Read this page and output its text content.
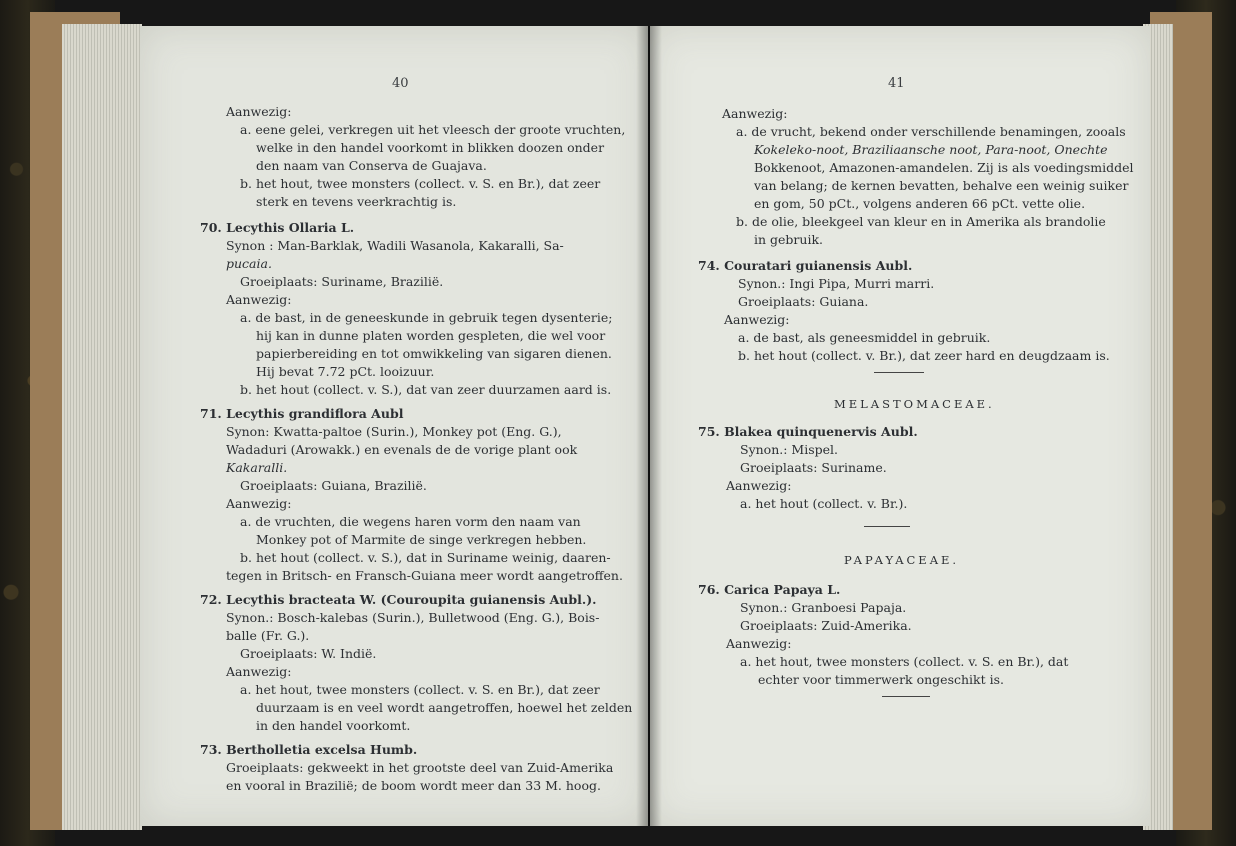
40
Aanwezig:
a. eene gelei, verkregen uit het vleesch der groote vruchten,
welke in den handel voorkomt in blikken doozen onder
den naam van Conserva de Guajava.
b. het hout, twee monsters (collect. v. S. en Br.), dat zeer
sterk en tevens veerkrachtig is.
70. Lecythis Ollaria L.
Synon : Man-Barklak, Wadili Wasanola, Kakaralli, Sa-
pucaia.
Groeiplaats: Suriname, Brazilië.
Aanwezig:
a. de bast, in de geneeskunde in gebruik tegen dysenterie;
hij kan in dunne platen worden gespleten, die wel voor
papierbereiding en tot omwikkeling van sigaren dienen.
Hij bevat 7.72 pCt. looizuur.
b. het hout (collect. v. S.), dat van zeer duurzamen aard is.
71. Lecythis grandiflora Aubl
Synon: Kwatta-paltoe (Surin.), Monkey pot (Eng. G.),
Wadaduri (Arowakk.) en evenals de de vorige plant ook
Kakaralli.
Groeiplaats: Guiana, Brazilië.
Aanwezig:
a. de vruchten, die wegens haren vorm den naam van
Monkey pot of Marmite de singe verkregen hebben.
b. het hout (collect. v. S.), dat in Suriname weinig, daaren-
tegen in Britsch- en Fransch-Guiana meer wordt aangetroffen.
72. Lecythis bracteata W. (Couroupita guianensis Aubl.).
Synon.: Bosch-kalebas (Surin.), Bulletwood (Eng. G.), Bois-
balle (Fr. G.).
Groeiplaats: W. Indië.
Aanwezig:
a. het hout, twee monsters (collect. v. S. en Br.), dat zeer
duurzaam is en veel wordt aangetroffen, hoewel het zelden
in den handel voorkomt.
73. Bertholletia excelsa Humb.
Groeiplaats: gekweekt in het grootste deel van Zuid-Amerika
en vooral in Brazilië; de boom wordt meer dan 33 M. hoog.
41
Aanwezig:
a. de vrucht, bekend onder verschillende benamingen, zooals
Kokeleko-noot, Braziliaansche noot, Para-noot, Onechte
Bokkenoot, Amazonen-amandelen. Zij is als voedingsmiddel
van belang; de kernen bevatten, behalve een weinig suiker
en gom, 50 pCt., volgens anderen 66 pCt. vette olie.
b. de olie, bleekgeel van kleur en in Amerika als brandolie
in gebruik.
74. Couratari guianensis Aubl.
Synon.: Ingi Pipa, Murri marri.
Groeiplaats: Guiana.
Aanwezig:
a. de bast, als geneesmiddel in gebruik.
b. het hout (collect. v. Br.), dat zeer hard en deugdzaam is.
MELASTOMACEAE.
75. Blakea quinquenervis Aubl.
Synon.: Mispel.
Groeiplaats: Suriname.
Aanwezig:
a. het hout (collect. v. Br.).
PAPAYACEAE.
76. Carica Papaya L.
Synon.: Granboesi Papaja.
Groeiplaats: Zuid-Amerika.
Aanwezig:
a. het hout, twee monsters (collect. v. S. en Br.), dat
echter voor timmerwerk ongeschikt is.
